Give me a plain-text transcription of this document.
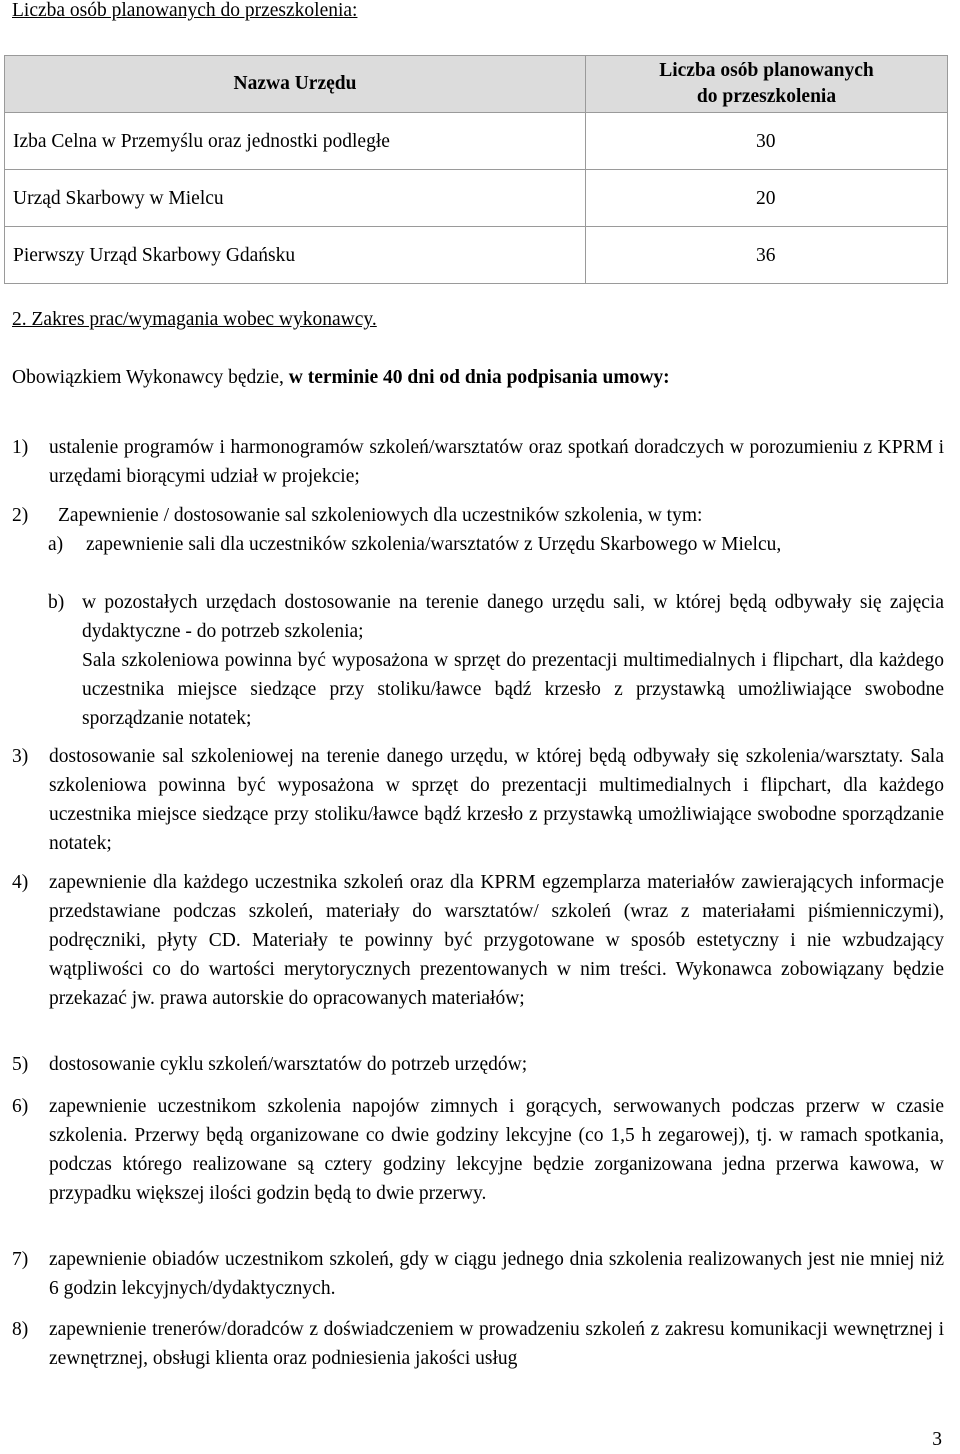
Liczba osób planowanych do przeszkolenia:
Nazwa Urzędu	Liczba osób planowanych
do przeszkolenia
Izba Celna w Przemyślu oraz jednostki podległe	30
Urząd Skarbowy w Mielcu	20
Pierwszy Urząd Skarbowy Gdańsku	36
2. Zakres prac/wymagania wobec wykonawcy.
Obowiązkiem Wykonawcy będzie, w terminie 40 dni od dnia podpisania umowy:
1) ustalenie programów i harmonogramów szkoleń/warsztatów oraz spotkań doradczych w porozumieniu z KPRM i urzędami biorącymi udział w projekcie;
2) Zapewnienie / dostosowanie sal szkoleniowych dla uczestników szkolenia, w tym:
a) zapewnienie sali dla uczestników szkolenia/warsztatów z Urzędu Skarbowego w Mielcu,
b) w pozostałych urzędach dostosowanie na terenie danego urzędu sali, w której będą odbywały się zajęcia dydaktyczne - do potrzeb szkolenia;
Sala szkoleniowa powinna być wyposażona w sprzęt do prezentacji multimedialnych i flipchart, dla każdego uczestnika miejsce siedzące przy stoliku/ławce bądź krzesło z przystawką umożliwiające swobodne sporządzanie notatek;
3) dostosowanie sal szkoleniowej na terenie danego urzędu, w której będą odbywały się szkolenia/warsztaty. Sala szkoleniowa powinna być wyposażona w sprzęt do prezentacji multimedialnych i flipchart, dla każdego uczestnika miejsce siedzące przy stoliku/ławce bądź krzesło z przystawką umożliwiające swobodne sporządzanie notatek;
4) zapewnienie dla każdego uczestnika szkoleń oraz dla KPRM egzemplarza materiałów zawierających informacje przedstawiane podczas szkoleń, materiały do warsztatów/ szkoleń (wraz z materiałami piśmienniczymi), podręczniki, płyty CD. Materiały te powinny być przygotowane w sposób estetyczny i nie wzbudzający wątpliwości co do wartości merytorycznych prezentowanych w nim treści. Wykonawca zobowiązany będzie przekazać jw. prawa autorskie do opracowanych materiałów;
5) dostosowanie cyklu szkoleń/warsztatów do potrzeb urzędów;
6) zapewnienie uczestnikom szkolenia napojów zimnych i gorących, serwowanych podczas przerw w czasie szkolenia. Przerwy będą organizowane co dwie godziny lekcyjne (co 1,5 h zegarowej), tj. w ramach spotkania, podczas którego realizowane są cztery godziny lekcyjne będzie zorganizowana jedna przerwa kawowa, w przypadku większej ilości godzin będą to dwie przerwy.
7) zapewnienie obiadów uczestnikom szkoleń, gdy w ciągu jednego dnia szkolenia realizowanych jest nie mniej niż 6 godzin lekcyjnych/dydaktycznych.
8) zapewnienie trenerów/doradców z doświadczeniem w prowadzeniu szkoleń z zakresu komunikacji wewnętrznej i zewnętrznej, obsługi klienta oraz podniesienia jakości usług
3
